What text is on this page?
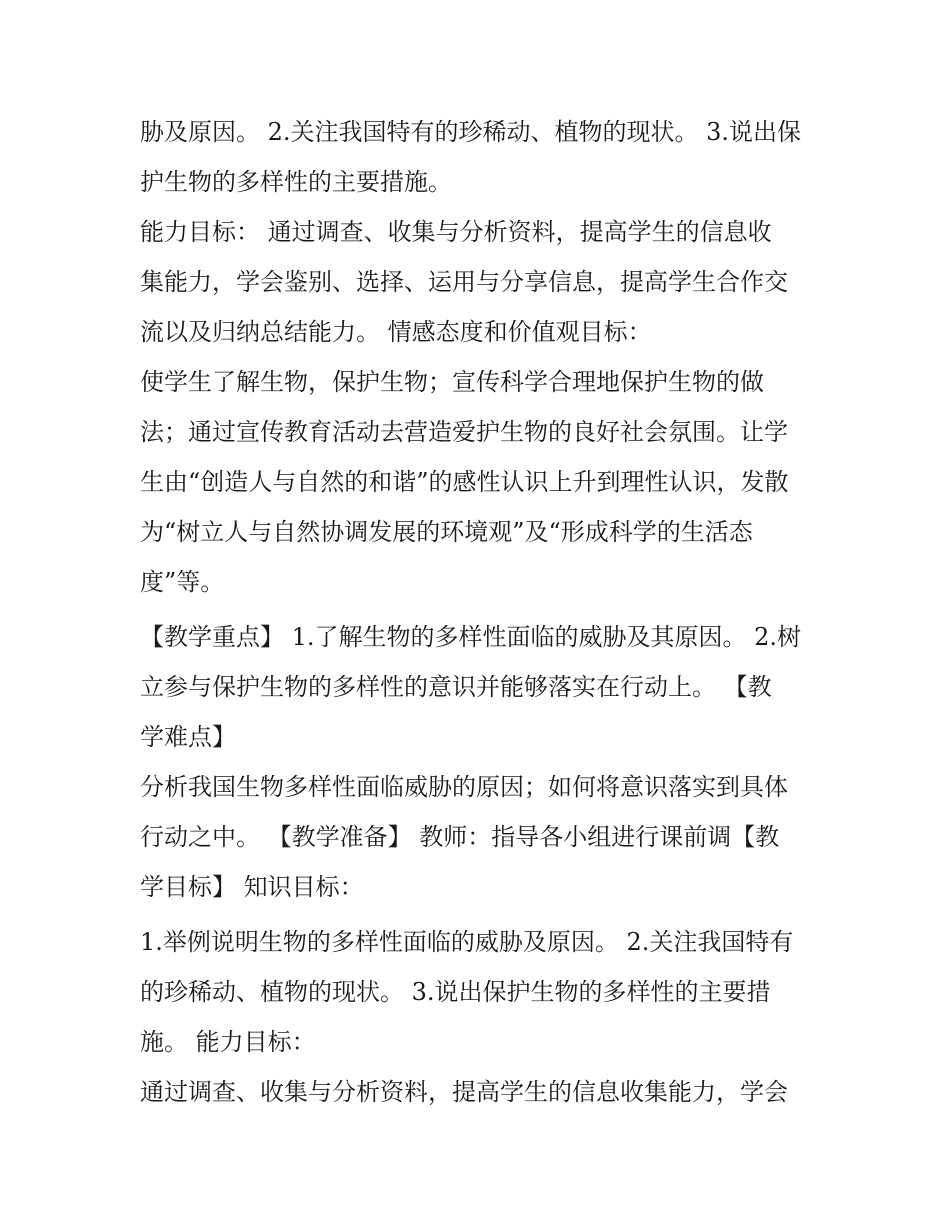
胁及原因。 2.关注我国特有的珍稀动、植物的现状。 3.说出保
护生物的多样性的主要措施。
能力目标： 通过调查、收集与分析资料，提高学生的信息收
集能力，学会鉴别、选择、运用与分享信息，提高学生合作交
流以及归纳总结能力。 情感态度和价值观目标：
使学生了解生物，保护生物；宣传科学合理地保护生物的做
法；通过宣传教育活动去营造爱护生物的良好社会氛围。让学
生由“创造人与自然的和谐”的感性认识上升到理性认识，发散
为“树立人与自然协调发展的环境观”及“形成科学的生活态
度”等。
【教学重点】 1.了解生物的多样性面临的威胁及其原因。 2.树
立参与保护生物的多样性的意识并能够落实在行动上。 【教
学难点】
分析我国生物多样性面临威胁的原因；如何将意识落实到具体
行动之中。 【教学准备】 教师：指导各小组进行课前调【教
学目标】 知识目标：
1.举例说明生物的多样性面临的威胁及原因。 2.关注我国特有
的珍稀动、植物的现状。 3.说出保护生物的多样性的主要措
施。 能力目标：
通过调查、收集与分析资料，提高学生的信息收集能力，学会
